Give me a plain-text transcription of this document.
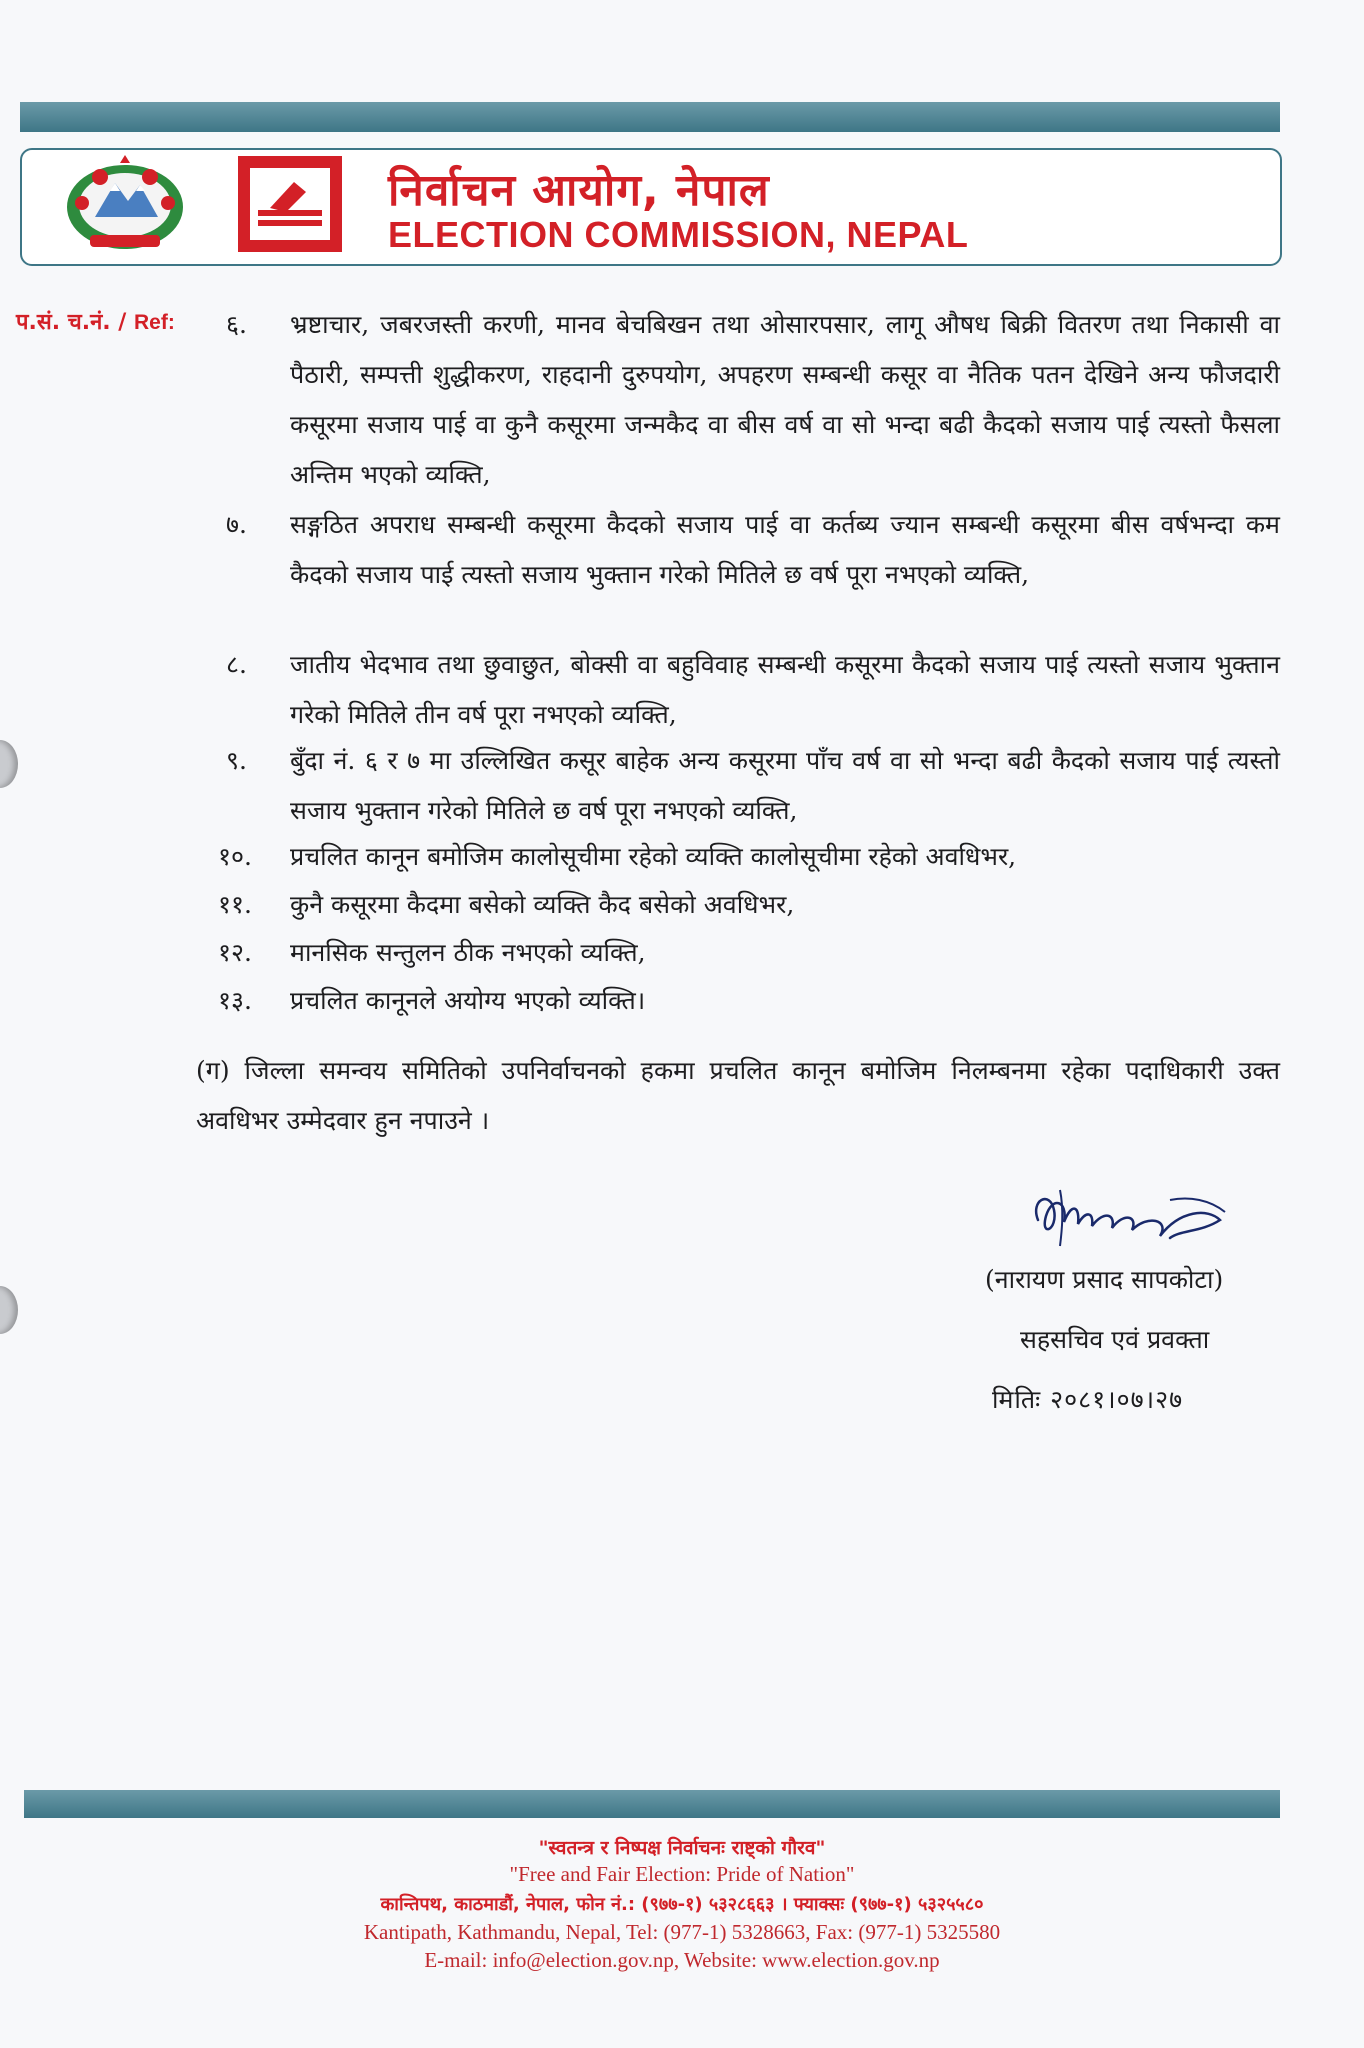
निर्वाचन आयोग, नेपाल
ELECTION COMMISSION, NEPAL
प.सं. च.नं. / Ref: ६.	भ्रष्टाचार, जबरजस्ती करणी, मानव बेचबिखन तथा ओसारपसार, लागू औषध बिक्री वितरण तथा निकासी वा पैठारी, सम्पत्ती शुद्धीकरण, राहदानी दुरुपयोग, अपहरण सम्बन्धी कसूर वा नैतिक पतन देखिने अन्य फौजदारी कसूरमा सजाय पाई वा कुनै कसूरमा जन्मकैद वा बीस वर्ष वा सो भन्दा बढी कैदको सजाय पाई त्यस्तो फैसला अन्तिम भएको व्यक्ति,
७.	सङ्गठित अपराध सम्बन्धी कसूरमा कैदको सजाय पाई वा कर्तब्य ज्यान सम्बन्धी कसूरमा बीस वर्षभन्दा कम कैदको सजाय पाई त्यस्तो सजाय भुक्तान गरेको मितिले छ वर्ष पूरा नभएको व्यक्ति,
८.	जातीय भेदभाव तथा छुवाछुत, बोक्सी वा बहुविवाह सम्बन्धी कसूरमा कैदको सजाय पाई त्यस्तो सजाय भुक्तान गरेको मितिले तीन वर्ष पूरा नभएको व्यक्ति,
९.	बुँदा नं. ६ र ७ मा उल्लिखित कसूर बाहेक अन्य कसूरमा पाँच वर्ष वा सो भन्दा बढी कैदको सजाय पाई त्यस्तो सजाय भुक्तान गरेको मितिले छ वर्ष पूरा नभएको व्यक्ति,
१०.	प्रचलित कानून बमोजिम कालोसूचीमा रहेको व्यक्ति कालोसूचीमा रहेको अवधिभर,
११.	कुनै कसूरमा कैदमा बसेको व्यक्ति कैद बसेको अवधिभर,
१२.	मानसिक सन्तुलन ठीक नभएको व्यक्ति,
१३.	प्रचलित कानूनले अयोग्य भएको व्यक्ति।
(ग) जिल्ला समन्वय समितिको उपनिर्वाचनको हकमा प्रचलित कानून बमोजिम निलम्बनमा रहेका पदाधिकारी उक्त अवधिभर उम्मेदवार हुन नपाउने ।
(नारायण प्रसाद सापकोटा)
सहसचिव एवं प्रवक्ता
मितिः २०८१।०७।२७
"स्वतन्त्र र निष्पक्ष निर्वाचनः राष्ट्को गौरव"
"Free and Fair Election: Pride of Nation"
कान्तिपथ, काठमाडौं, नेपाल, फोन नं.: (९७७-१) ५३२८६६३ । फ्याक्सः (९७७-१) ५३२५५८०
Kantipath, Kathmandu, Nepal, Tel: (977-1) 5328663, Fax: (977-1) 5325580
E-mail: info@election.gov.np, Website: www.election.gov.np
